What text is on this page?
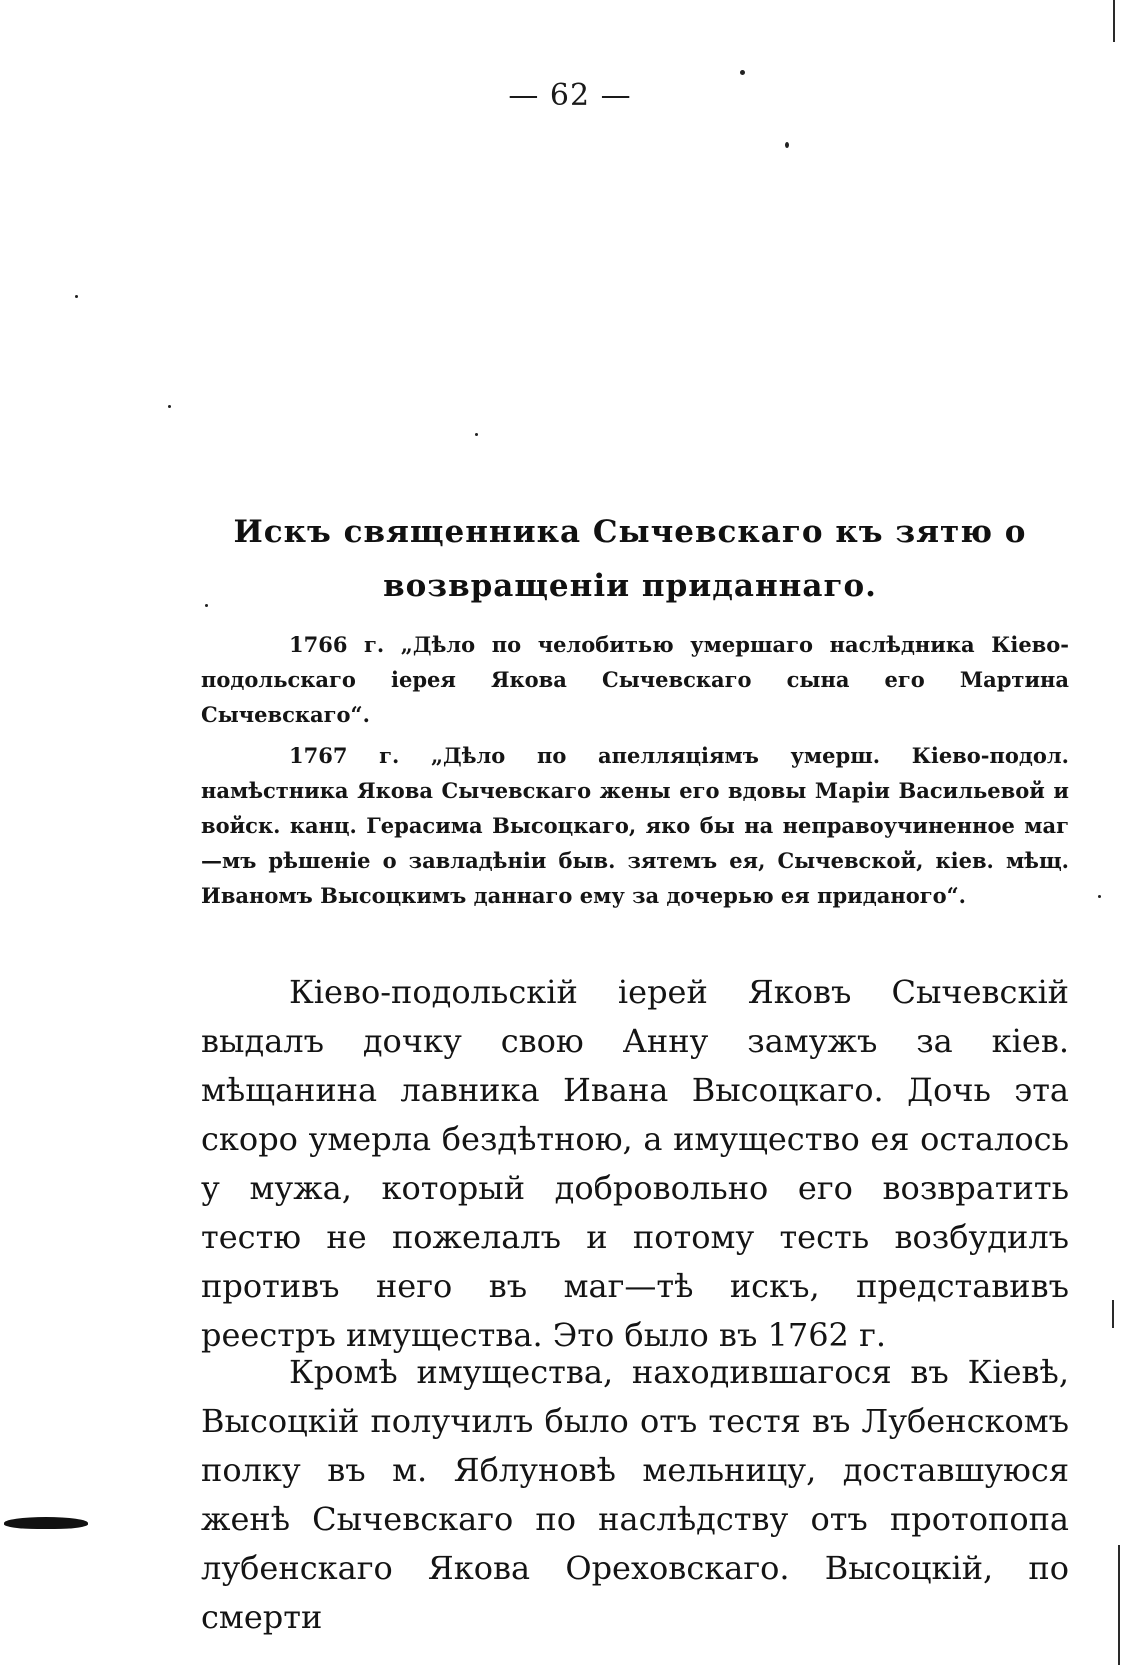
— 62 —
Искъ священника Сычевскаго къ зятю о возвращеніи приданнаго.

1766 г. „Дѣло по челобитью умершаго наслѣдника Кіево-подольскаго іерея Якова Сычевскаго сына его Мартина Сычевскаго“.

1767 г. „Дѣло по апелляціямъ умерш. Кіево-подол. намѣстника Якова Сычевскаго жены его вдовы Маріи Васильевой и войск. канц. Герасима Высоцкаго, яко бы на неправоучиненное маг—мъ рѣшеніе о завладѣніи быв. зятемъ ея, Сычевской, кiев. мѣщ. Иваномъ Высоцкимъ даннаго ему за дочерью ея приданого“.

Кіево-подольскій іерей Яковъ Сычевскій выдалъ дочку свою Анну замужъ за кіев. мѣщанина лавника Ивана Высоцкаго. Дочь эта скоро умерла бездѣтною, а имущество ея осталось у мужа, который добровольно его возвратить тестю не пожелалъ и потому тесть возбудилъ противъ него въ маг—тѣ искъ, представивъ реестръ имущества. Это было въ 1762 г.

Кромѣ имущества, находившагося въ Кіевѣ, Высоцкій получилъ было отъ тестя въ Лубенскомъ полку въ м. Яблуновѣ мельницу, доставшуюся женѣ Сычевскаго по наслѣдству отъ протопопа лубенскаго Якова Ореховскаго. Высоцкій, по смерти
